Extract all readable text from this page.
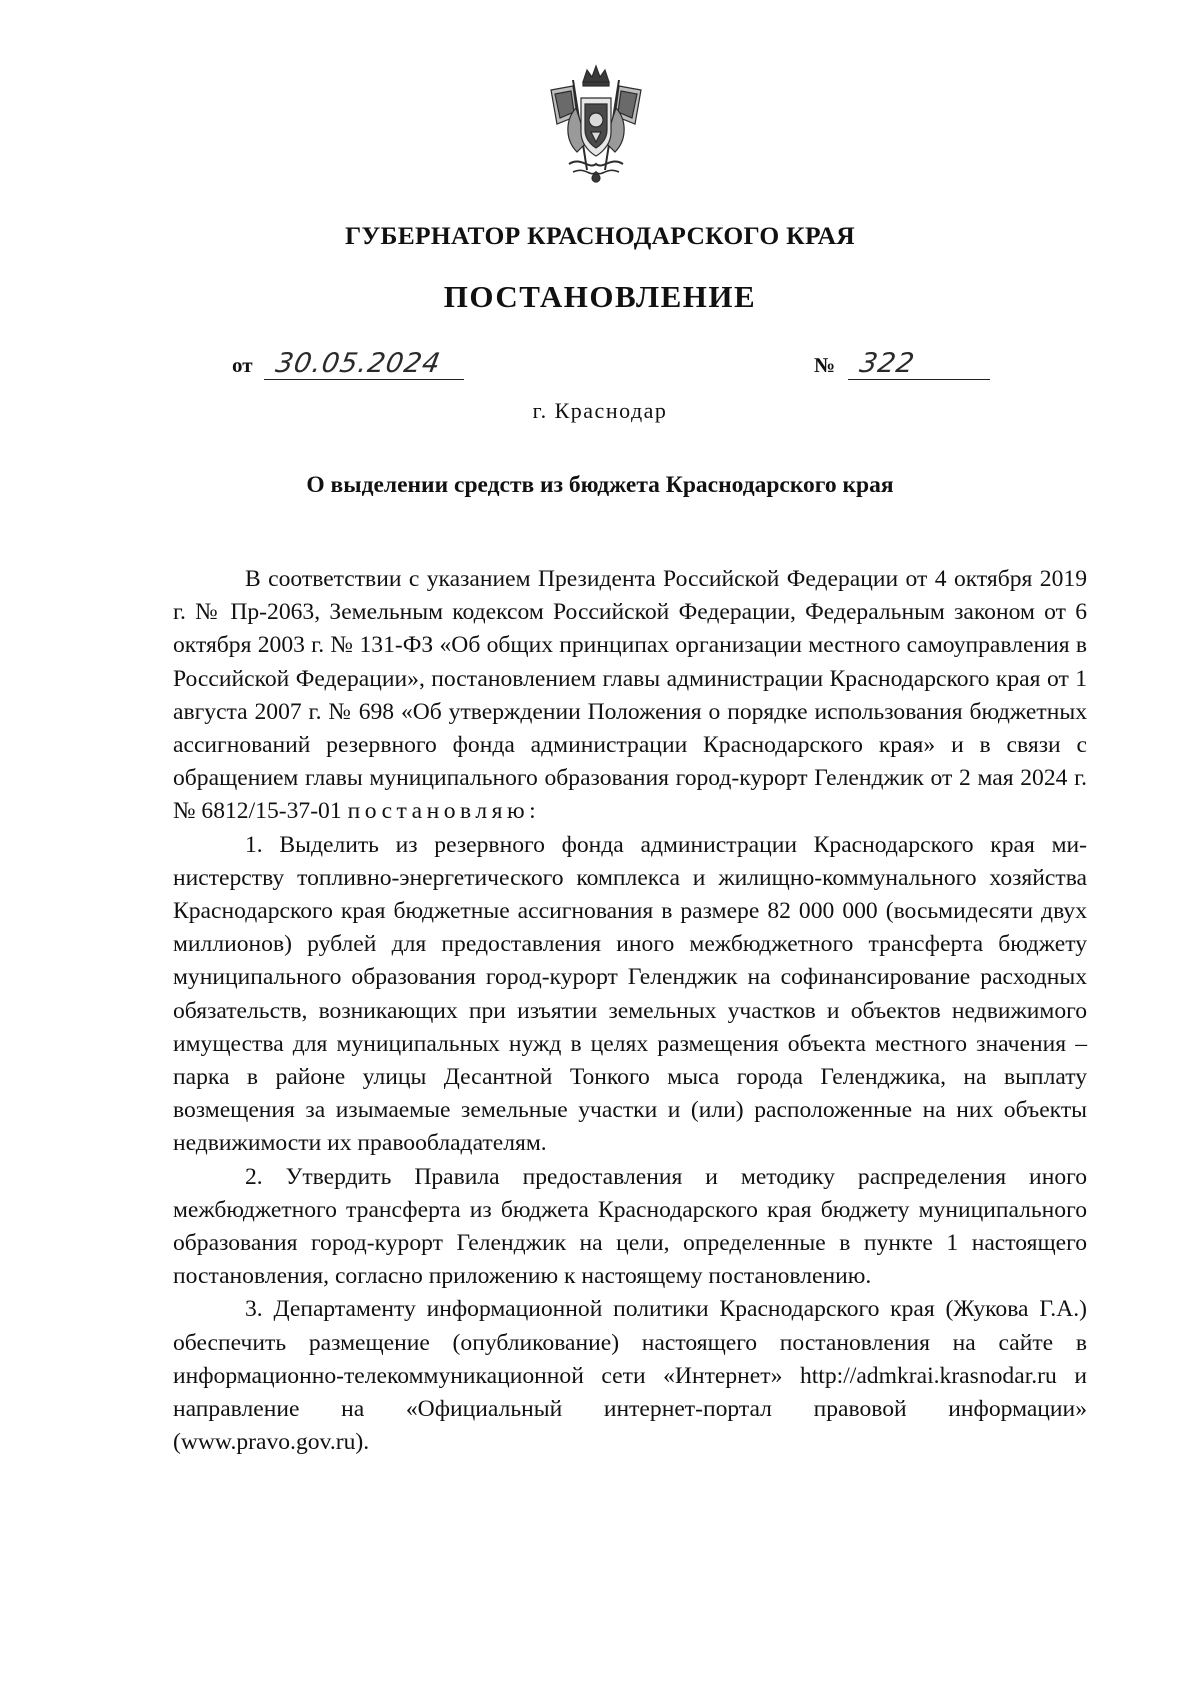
ГУБЕРНАТОР КРАСНОДАРСКОГО КРАЯ
ПОСТАНОВЛЕНИЕ
от 30.05.2024	№ 322
г. Краснодар
О выделении средств из бюджета Краснодарского края

В соответствии с указанием Президента Российской Федерации от 4 октября 2019 г. № Пр-2063, Земельным кодексом Российской Федерации, Федеральным законом от 6 октября 2003 г. № 131-ФЗ «Об общих принципах организации местного самоуправления в Российской Федерации», постановлением главы администрации Краснодарского края от 1 августа 2007 г. № 698 «Об утверждении Положения о порядке использования бюджетных ассигнований резервного фонда администрации Краснодарского края» и в связи с обращением главы муниципального образования город-курорт Геленджик от 2 мая 2024 г. № 6812/15-37-01 постановляю:

1. Выделить из резервного фонда администрации Краснодарского края министерству топливно-энергетического комплекса и жилищно-коммунального хозяйства Краснодарского края бюджетные ассигнования в размере 82 000 000 (восьмидесяти двух миллионов) рублей для предоставления иного межбюджетного трансферта бюджету муниципального образования город-курорт Геленджик на софинансирование расходных обязательств, возникающих при изъятии земельных участков и объектов недвижимого имущества для муниципальных нужд в целях размещения объекта местного значения – парка в районе улицы Десантной Тонкого мыса города Геленджика, на выплату возмещения за изымаемые земельные участки и (или) расположенные на них объекты недвижимости их правообладателям.

2. Утвердить Правила предоставления и методику распределения иного межбюджетного трансферта из бюджета Краснодарского края бюджету муниципального образования город-курорт Геленджик на цели, определенные в пункте 1 настоящего постановления, согласно приложению к настоящему постановлению.

3. Департаменту информационной политики Краснодарского края (Жукова Г.А.) обеспечить размещение (опубликование) настоящего постановления на сайте в информационно-телекоммуникационной сети «Интернет» http://admkrai.krasnodar.ru и направление на «Официальный интернет-портал правовой информации» (www.pravo.gov.ru).
